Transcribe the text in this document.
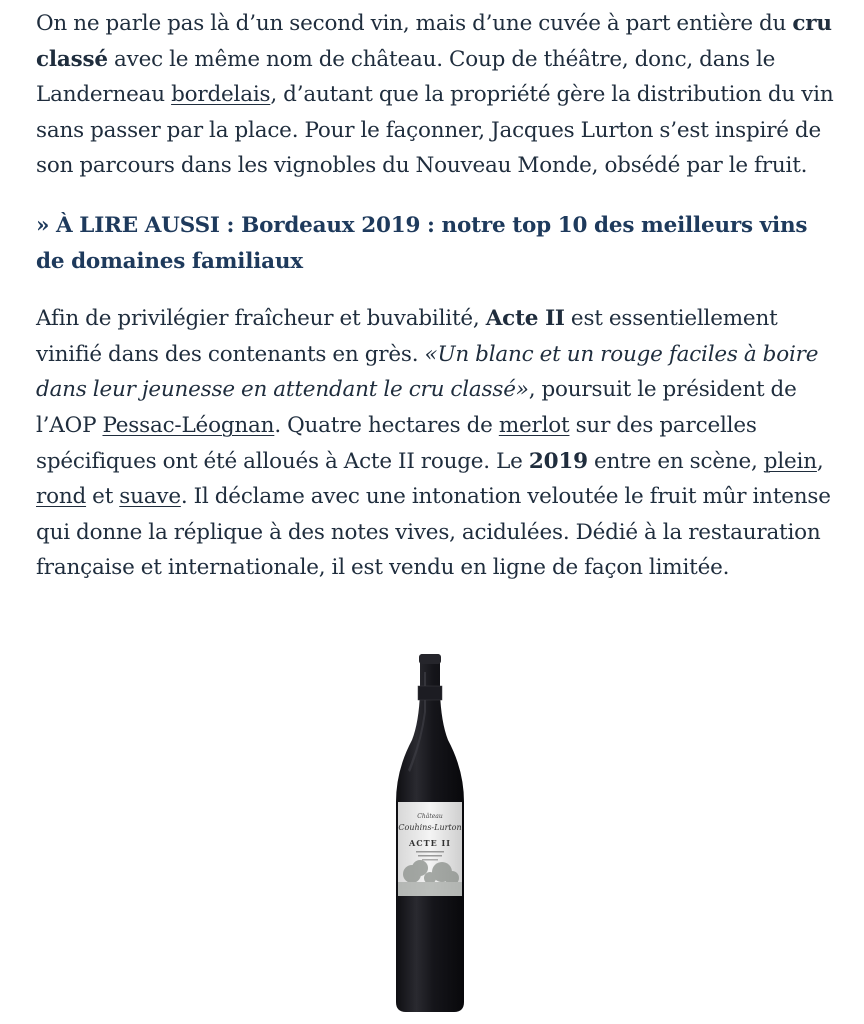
On ne parle pas là d’un second vin, mais d’une cuvée à part entière du cru classé avec le même nom de château. Coup de théâtre, donc, dans le Landerneau bordelais, d’autant que la propriété gère la distribution du vin sans passer par la place. Pour le façonner, Jacques Lurton s’est inspiré de son parcours dans les vignobles du Nouveau Monde, obsédé par le fruit.

» À LIRE AUSSI : Bordeaux 2019 : notre top 10 des meilleurs vins de domaines familiaux

Afin de privilégier fraîcheur et buvabilité, Acte II est essentiellement vinifié dans des contenants en grès. «Un blanc et un rouge faciles à boire dans leur jeunesse en attendant le cru classé», poursuit le président de l’AOP Pessac-Léognan. Quatre hectares de merlot sur des parcelles spécifiques ont été alloués à Acte II rouge. Le 2019 entre en scène, plein, rond et suave. Il déclame avec une intonation veloutée le fruit mûr intense qui donne la réplique à des notes vives, acidulées. Dédié à la restauration française et internationale, il est vendu en ligne de façon limitée.

Château
Couhins-Lurton
ACTE II
